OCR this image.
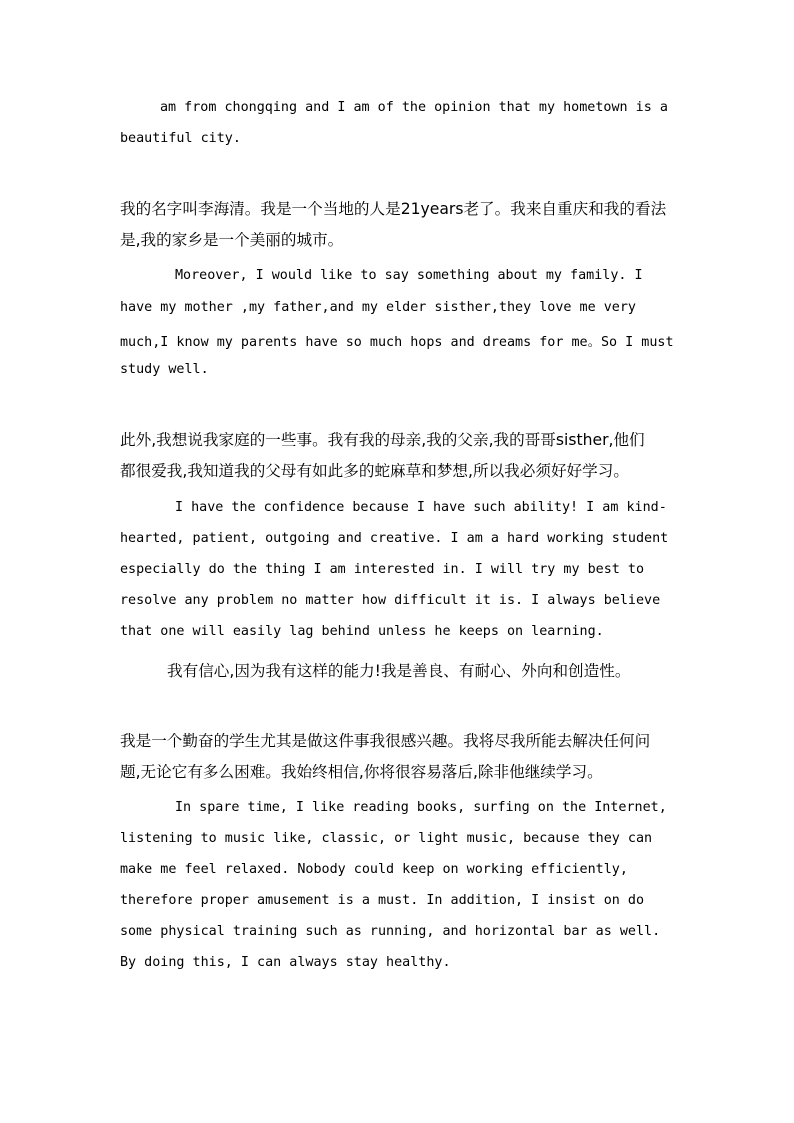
am from chongqing and I am of the opinion that my hometown is a
beautiful city.
我的名字叫李海清。我是一个当地的人是21years老了。我来自重庆和我的看法
是,我的家乡是一个美丽的城市。
Moreover, I would like to say something about my family. I
have my mother ,my father,and my elder sisther,they love me very
much,I know my parents have so much hops and dreams for me。So I must
study well.
此外,我想说我家庭的一些事。我有我的母亲,我的父亲,我的哥哥sisther,他们
都很爱我,我知道我的父母有如此多的蛇麻草和梦想,所以我必须好好学习。
I have the confidence because I have such ability! I am kind-
hearted, patient, outgoing and creative. I am a hard working student
especially do the thing I am interested in. I will try my best to
resolve any problem no matter how difficult it is. I always believe
that one will easily lag behind unless he keeps on learning.
我有信心,因为我有这样的能力!我是善良、有耐心、外向和创造性。
我是一个勤奋的学生尤其是做这件事我很感兴趣。我将尽我所能去解决任何问
题,无论它有多么困难。我始终相信,你将很容易落后,除非他继续学习。
In spare time, I like reading books, surfing on the Internet,
listening to music like, classic, or light music, because they can
make me feel relaxed. Nobody could keep on working efficiently,
therefore proper amusement is a must. In addition, I insist on do
some physical training such as running, and horizontal bar as well.
By doing this, I can always stay healthy.
